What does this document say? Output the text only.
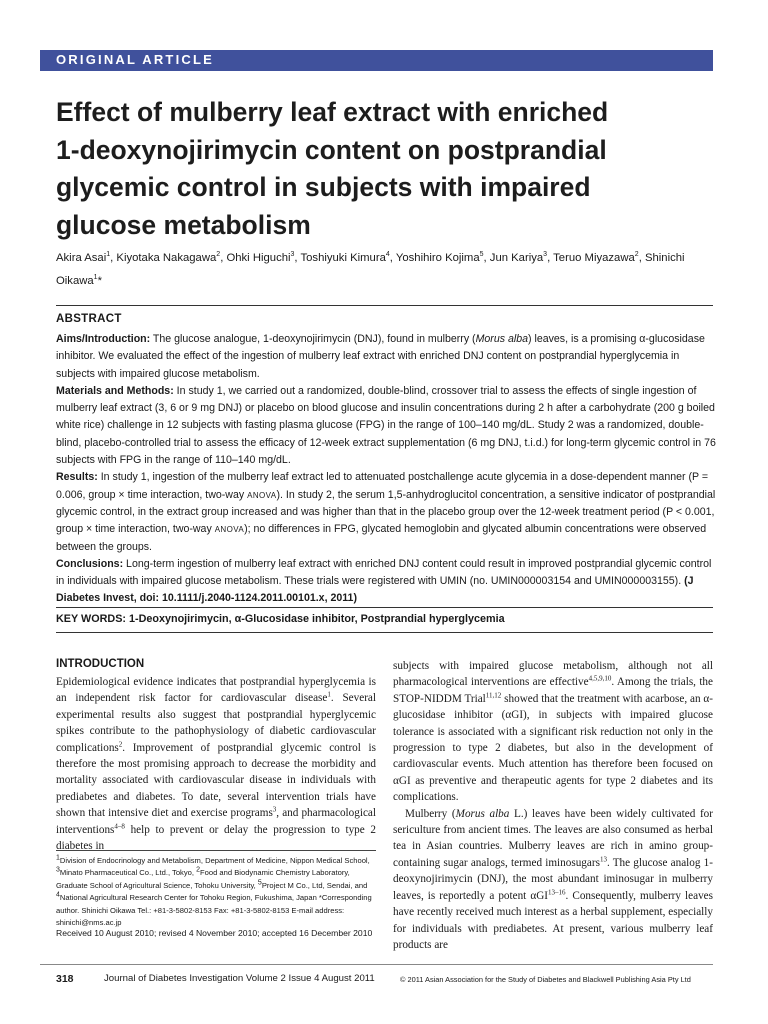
ORIGINAL ARTICLE
Effect of mulberry leaf extract with enriched
1-deoxynojirimycin content on postprandial
glycemic control in subjects with impaired
glucose metabolism
Akira Asai$^1$, Kiyotaka Nakagawa$^2$, Ohki Higuchi$^3$, Toshiyuki Kimura$^4$, Yoshihiro Kojima$^5$, Jun Kariya$^3$, Teruo Miyazawa$^2$, Shinichi Oikawa$^1$*
ABSTRACT

Aims/Introduction: The glucose analogue, 1-deoxynojirimycin (DNJ), found in mulberry (Morus alba) leaves, is a promising α-glucosidase inhibitor. We evaluated the effect of the ingestion of mulberry leaf extract with enriched DNJ content on postprandial hyperglycemia in subjects with impaired glucose metabolism.

Materials and Methods: In study 1, we carried out a randomized, double-blind, crossover trial to assess the effects of single ingestion of mulberry leaf extract (3, 6 or 9 mg DNJ) or placebo on blood glucose and insulin concentrations during 2 h after a carbohydrate (200 g boiled white rice) challenge in 12 subjects with fasting plasma glucose (FPG) in the range of 100–140 mg/dL. Study 2 was a randomized, double-blind, placebo-controlled trial to assess the efficacy of 12-week extract supplementation (6 mg DNJ, t.i.d.) for long-term glycemic control in 76 subjects with FPG in the range of 110–140 mg/dL.

Results: In study 1, ingestion of the mulberry leaf extract led to attenuated postchallenge acute glycemia in a dose-dependent manner (P = 0.006, group × time interaction, two-way ANOVA). In study 2, the serum 1,5-anhydroglucitol concentration, a sensitive indicator of postprandial glycemic control, in the extract group increased and was higher than that in the placebo group over the 12-week treatment period (P < 0.001, group × time interaction, two-way ANOVA); no differences in FPG, glycated hemoglobin and glycated albumin concentrations were observed between the groups.

Conclusions: Long-term ingestion of mulberry leaf extract with enriched DNJ content could result in improved postprandial glycemic control in individuals with impaired glucose metabolism. These trials were registered with UMIN (no. UMIN000003154 and UMIN000003155). (J Diabetes Invest, doi: 10.1111/j.2040-1124.2011.00101.x, 2011)

KEY WORDS: 1-Deoxynojirimycin, α-Glucosidase inhibitor, Postprandial hyperglycemia
INTRODUCTION

Epidemiological evidence indicates that postprandial hyperglycemia is an independent risk factor for cardiovascular disease$^1$. Several experimental results also suggest that postprandial hyperglycemic spikes contribute to the pathophysiology of diabetic cardiovascular complications$^2$. Improvement of postprandial glycemic control is therefore the most promising approach to decrease the morbidity and mortality associated with cardiovascular disease in individuals with prediabetes and diabetes. To date, several intervention trials have shown that intensive diet and exercise programs$^3$, and pharmacological interventions$^{4-8}$ help to prevent or delay the progression to type 2 diabetes in

subjects with impaired glucose metabolism, although not all pharmacological interventions are effective$^{4,5,9,10}$. Among the trials, the STOP-NIDDM Trial$^{11,12}$ showed that the treatment with acarbose, an α-glucosidase inhibitor (αGI), in subjects with impaired glucose tolerance is associated with a significant risk reduction not only in the progression to type 2 diabetes, but also in the development of cardiovascular events. Much attention has therefore been focused on αGI as preventive and therapeutic agents for type 2 diabetes and its complications.

Mulberry (Morus alba L.) leaves have been widely cultivated for sericulture from ancient times. The leaves are also consumed as herbal tea in Asian countries. Mulberry leaves are rich in amino group-containing sugar analogs, termed iminosugars$^{13}$. The glucose analog 1-deoxynojirimycin (DNJ), the most abundant iminosugar in mulberry leaves, is reportedly a potent αGI$^{13-16}$. Consequently, mulberry leaves have recently received much interest as a herbal supplement, especially for individuals with prediabetes. At present, various mulberry leaf products are

$^1$Division of Endocrinology and Metabolism, Department of Medicine, Nippon Medical School, $^3$Minato Pharmaceutical Co., Ltd., Tokyo, $^2$Food and Biodynamic Chemistry Laboratory, Graduate School of Agricultural Science, Tohoku University, $^5$Project M Co., Ltd, Sendai, and $^4$National Agricultural Research Center for Tohoku Region, Fukushima, Japan *Corresponding author. Shinichi Oikawa Tel.: +81-3-5802-8153 Fax: +81-3-5802-8153 E-mail address: shinichi@nms.ac.jp

Received 10 August 2010; revised 4 November 2010; accepted 16 December 2010
318	Journal of Diabetes Investigation Volume 2 Issue 4 August 2011	© 2011 Asian Association for the Study of Diabetes and Blackwell Publishing Asia Pty Ltd
